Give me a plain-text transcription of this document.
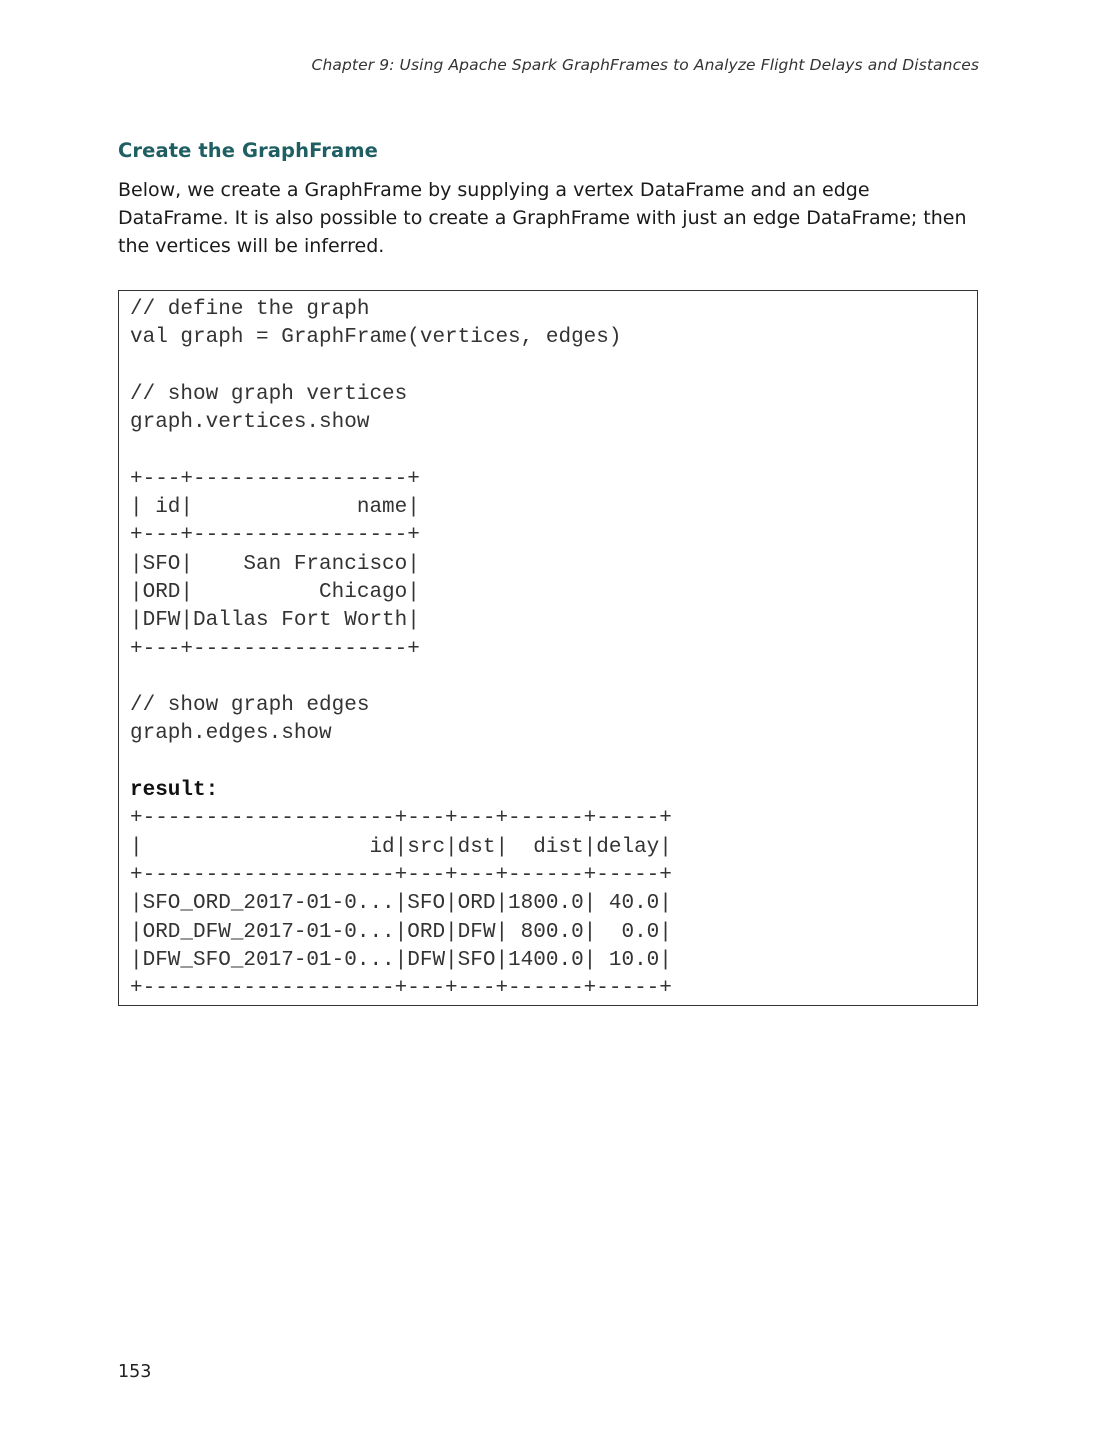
Chapter 9: Using Apache Spark GraphFrames to Analyze Flight Delays and Distances
Create the GraphFrame

Below, we create a GraphFrame by supplying a vertex DataFrame and an edge DataFrame. It is also possible to create a GraphFrame with just an edge DataFrame; then the vertices will be inferred.

// define the graph
val graph = GraphFrame(vertices, edges)
// show graph vertices
graph.vertices.show
+---+-----------------+
| id|             name|
+---+-----------------+
|SFO|    San Francisco|
|ORD|          Chicago|
|DFW|Dallas Fort Worth|
+---+-----------------+
// show graph edges
graph.edges.show
result:
+--------------------+---+---+------+-----+
|                  id|src|dst|  dist|delay|
+--------------------+---+---+------+-----+
|SFO_ORD_2017-01-0...|SFO|ORD|1800.0| 40.0|
|ORD_DFW_2017-01-0...|ORD|DFW| 800.0|  0.0|
|DFW_SFO_2017-01-0...|DFW|SFO|1400.0| 10.0|
+--------------------+---+---+------+-----+
153
